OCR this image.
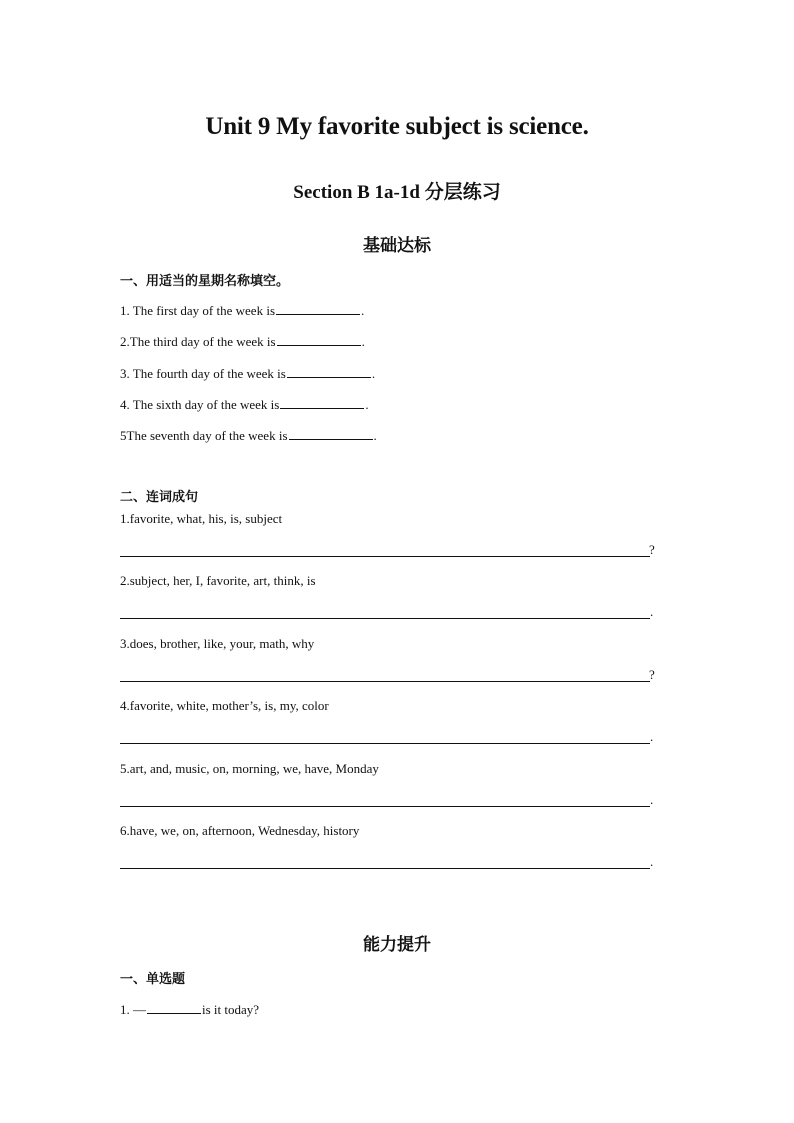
Unit 9 My favorite subject is science.
Section B 1a-1d 分层练习
基础达标
一、用适当的星期名称填空。
1. The first day of the week is	.
2.The third day of the week is	.
3. The fourth day of the week is	.
4. The sixth day of the week is	.
5The seventh day of the week is	.
二、连词成句
1.favorite, what, his, is, subject
?
2.subject, her, I, favorite, art, think, is
.
3.does, brother, like, your, math, why
?
4.favorite, white, mother’s, is, my, color
.
5.art, and, music, on, morning, we, have, Monday
.
6.have, we, on, afternoon, Wednesday, history
.
能力提升
一、单选题
1. —	is it today?
